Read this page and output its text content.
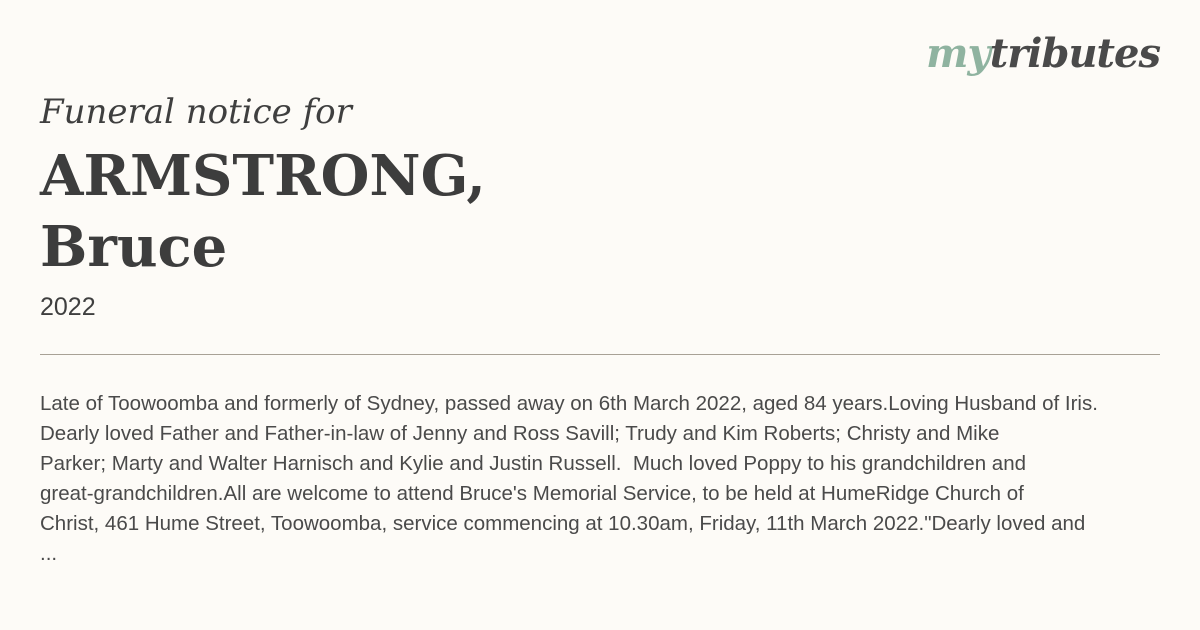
mytributes
Funeral notice for
ARMSTRONG,
Bruce
2022
Late of Toowoomba and formerly of Sydney, passed away on 6th March 2022, aged 84 years.Loving Husband of Iris.
Dearly loved Father and Father-in-law of Jenny and Ross Savill; Trudy and Kim Roberts; Christy and Mike
Parker; Marty and Walter Harnisch and Kylie and Justin Russell.  Much loved Poppy to his grandchildren and
great-grandchildren.All are welcome to attend Bruce's Memorial Service, to be held at HumeRidge Church of
Christ, 461 Hume Street, Toowoomba, service commencing at 10.30am, Friday, 11th March 2022."Dearly loved and
...
